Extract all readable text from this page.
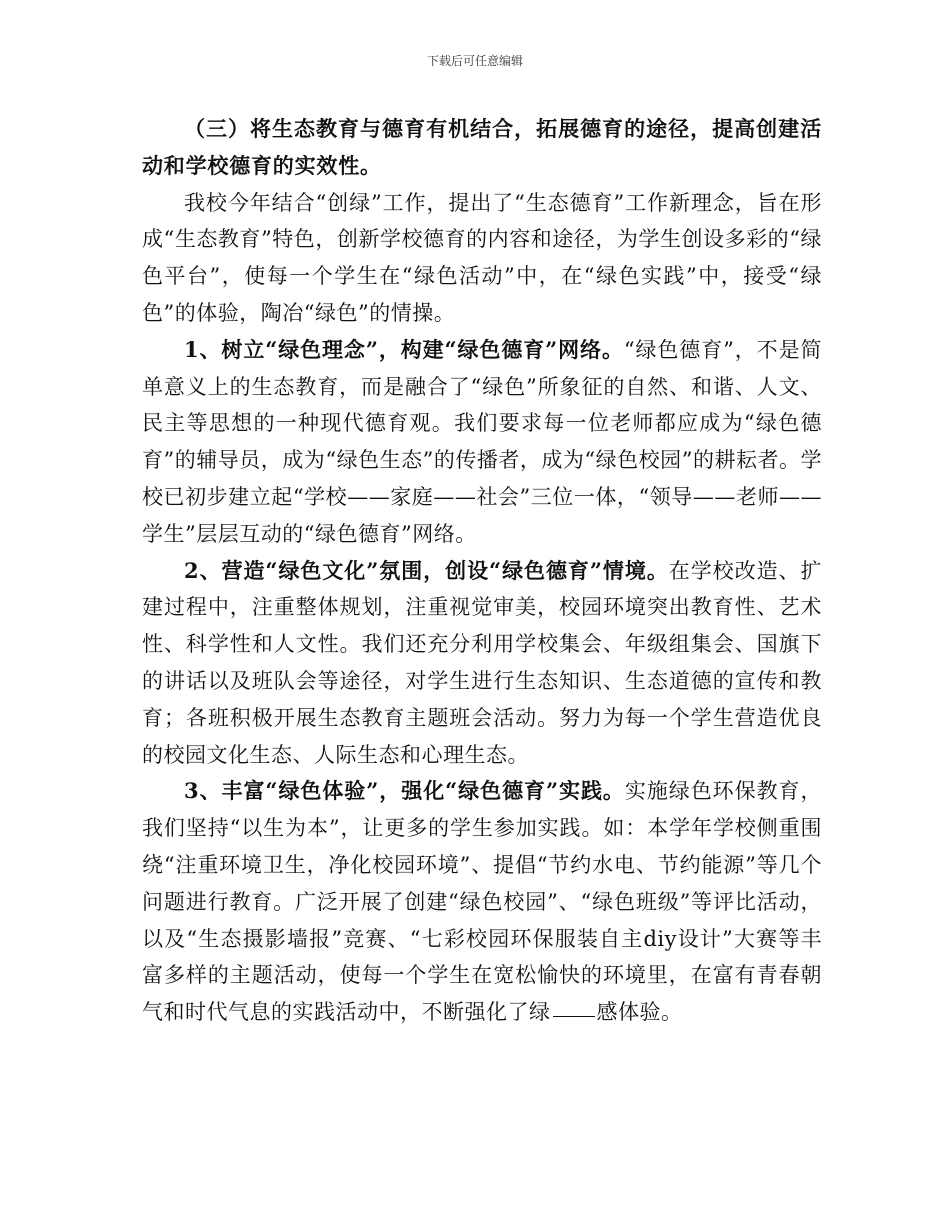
下载后可任意编辑

（三）将生态教育与德育有机结合，拓展德育的途径，提高创建活动和学校德育的实效性。

我校今年结合“创绿”工作，提出了“生态德育”工作新理念，旨在形成“生态教育”特色，创新学校德育的内容和途径，为学生创设多彩的“绿色平台”，使每一个学生在“绿色活动”中，在“绿色实践”中，接受“绿色”的体验，陶冶“绿色”的情操。

1、树立“绿色理念”，构建“绿色德育”网络。“绿色德育”，不是简单意义上的生态教育，而是融合了“绿色”所象征的自然、和谐、人文、民主等思想的一种现代德育观。我们要求每一位老师都应成为“绿色德育”的辅导员，成为“绿色生态”的传播者，成为“绿色校园”的耕耘者。学校已初步建立起“学校——家庭——社会”三位一体，“领导——老师——学生”层层互动的“绿色德育”网络。

2、营造“绿色文化”氛围，创设“绿色德育”情境。在学校改造、扩建过程中，注重整体规划，注重视觉审美，校园环境突出教育性、艺术性、科学性和人文性。我们还充分利用学校集会、年级组集会、国旗下的讲话以及班队会等途径，对学生进行生态知识、生态道德的宣传和教育；各班积极开展生态教育主题班会活动。努力为每一个学生营造优良的校园文化生态、人际生态和心理生态。

3、丰富“绿色体验”，强化“绿色德育”实践。实施绿色环保教育，我们坚持“以生为本”，让更多的学生参加实践。如：本学年学校侧重围绕“注重环境卫生，净化校园环境”、提倡“节约水电、节约能源”等几个问题进行教育。广泛开展了创建“绿色校园”、“绿色班级”等评比活动，以及“生态摄影墙报”竞赛、“七彩校园环保服装自主diy设计”大赛等丰富多样的主题活动，使每一个学生在宽松愉快的环境里，在富有青春朝气和时代气息的实践活动中，不断强化了绿 感体验。
